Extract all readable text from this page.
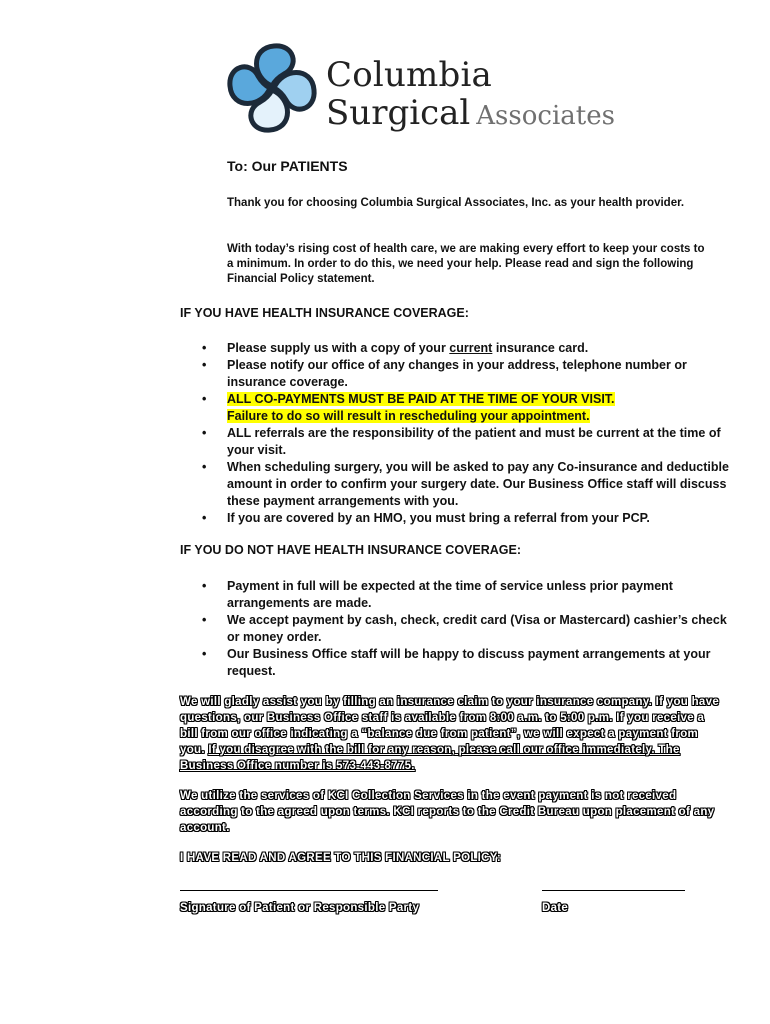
Columbia
Surgical Associates
To: Our PATIENTS

Thank you for choosing Columbia Surgical Associates, Inc. as your health provider.

With today’s rising cost of health care, we are making every effort to keep your costs to a minimum. In order to do this, we need your help. Please read and sign the following Financial Policy statement.

IF YOU HAVE HEALTH INSURANCE COVERAGE:
• Please supply us with a copy of your current insurance card.
• Please notify our office of any changes in your address, telephone number or insurance coverage.
• ALL CO-PAYMENTS MUST BE PAID AT THE TIME OF YOUR VISIT.
Failure to do so will result in rescheduling your appointment.
• ALL referrals are the responsibility of the patient and must be current at the time of your visit.
• When scheduling surgery, you will be asked to pay any Co-insurance and deductible amount in order to confirm your surgery date. Our Business Office staff will discuss these payment arrangements with you.
• If you are covered by an HMO, you must bring a referral from your PCP.
IF YOU DO NOT HAVE HEALTH INSURANCE COVERAGE:
• Payment in full will be expected at the time of service unless prior payment arrangements are made.
• We accept payment by cash, check, credit card (Visa or Mastercard) cashier’s check or money order.
• Our Business Office staff will be happy to discuss payment arrangements at your request.

We will gladly assist you by filling an insurance claim to your insurance company. If you have questions, our Business Office staff is available from 8:00 a.m. to 5:00 p.m. If you receive a bill from our office indicating a “balance due from patient”, we will expect a payment from you. If you disagree with the bill for any reason, please call our office immediately. The Business Office number is 573-443-8775.

We utilize the services of KCI Collection Services in the event payment is not received according to the agreed upon terms. KCI reports to the Credit Bureau upon placement of any account.

I HAVE READ AND AGREE TO THIS FINANCIAL POLICY:

Signature of Patient or Responsible Party	Date
